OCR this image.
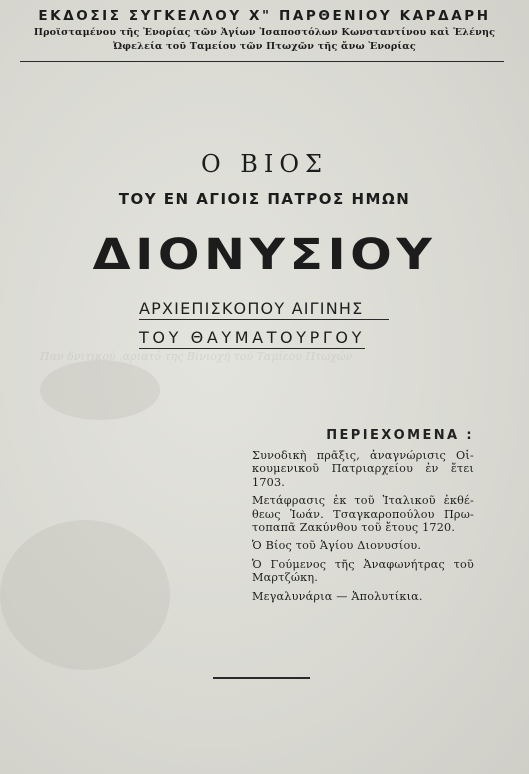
ΕΚΔΟΣΙΣ ΣΥΓΚΕΛΛΟΥ Χ" ΠΑΡΘΕΝΙΟΥ ΚΑΡΔΑΡΗ
Προϊσταμένου τῆς Ἐνορίας τῶν Ἁγίων Ἰσαποστόλων Κωνσταντίνου καὶ Ἑλένης
Ὠφελεία τοῦ Ταμείου τῶν Πτωχῶν τῆς ἄνω Ἐνορίας
Ο ΒΙΟΣ
ΤΟΥ ΕΝ ΑΓΙΟΙΣ ΠΑΤΡΟΣ ΗΜΩΝ
ΔΙΟΝΥΣΙΟΥ
ΑΡΧΙΕΠΙΣΚΟΠΟΥ ΑΙΓΙΝΗΣ
ΤΟΥ ΘΑΥΜΑΤΟΥΡΓΟΥ
Παν δνιτικού ,αριατό της Βίνιοχή τού Ταμίεου Πτωχών
ΠΕΡΙΕΧΟΜΕΝΑ :
Συνοδικὴ πρᾶξις, ἀναγνώρισις Οἰ-κουμενικοῦ Πατριαρχείου ἐν ἔτει 1703.
Μετάφρασις ἐκ τοῦ Ἰταλικοῦ ἐκθέ-θεως Ἰωάν. Τσαγκαροπούλου Πρω-τοπαπᾶ Ζακύνθου τοῦ ἔτους 1720.
Ὁ Βίος τοῦ Ἁγίου Διονυσίου.
Ὁ Γούμενος τῆς Ἀναφωνήτρας τοῦ Μαρτζώκη.
Μεγαλυνάρια — Ἀπολυτίκια.
